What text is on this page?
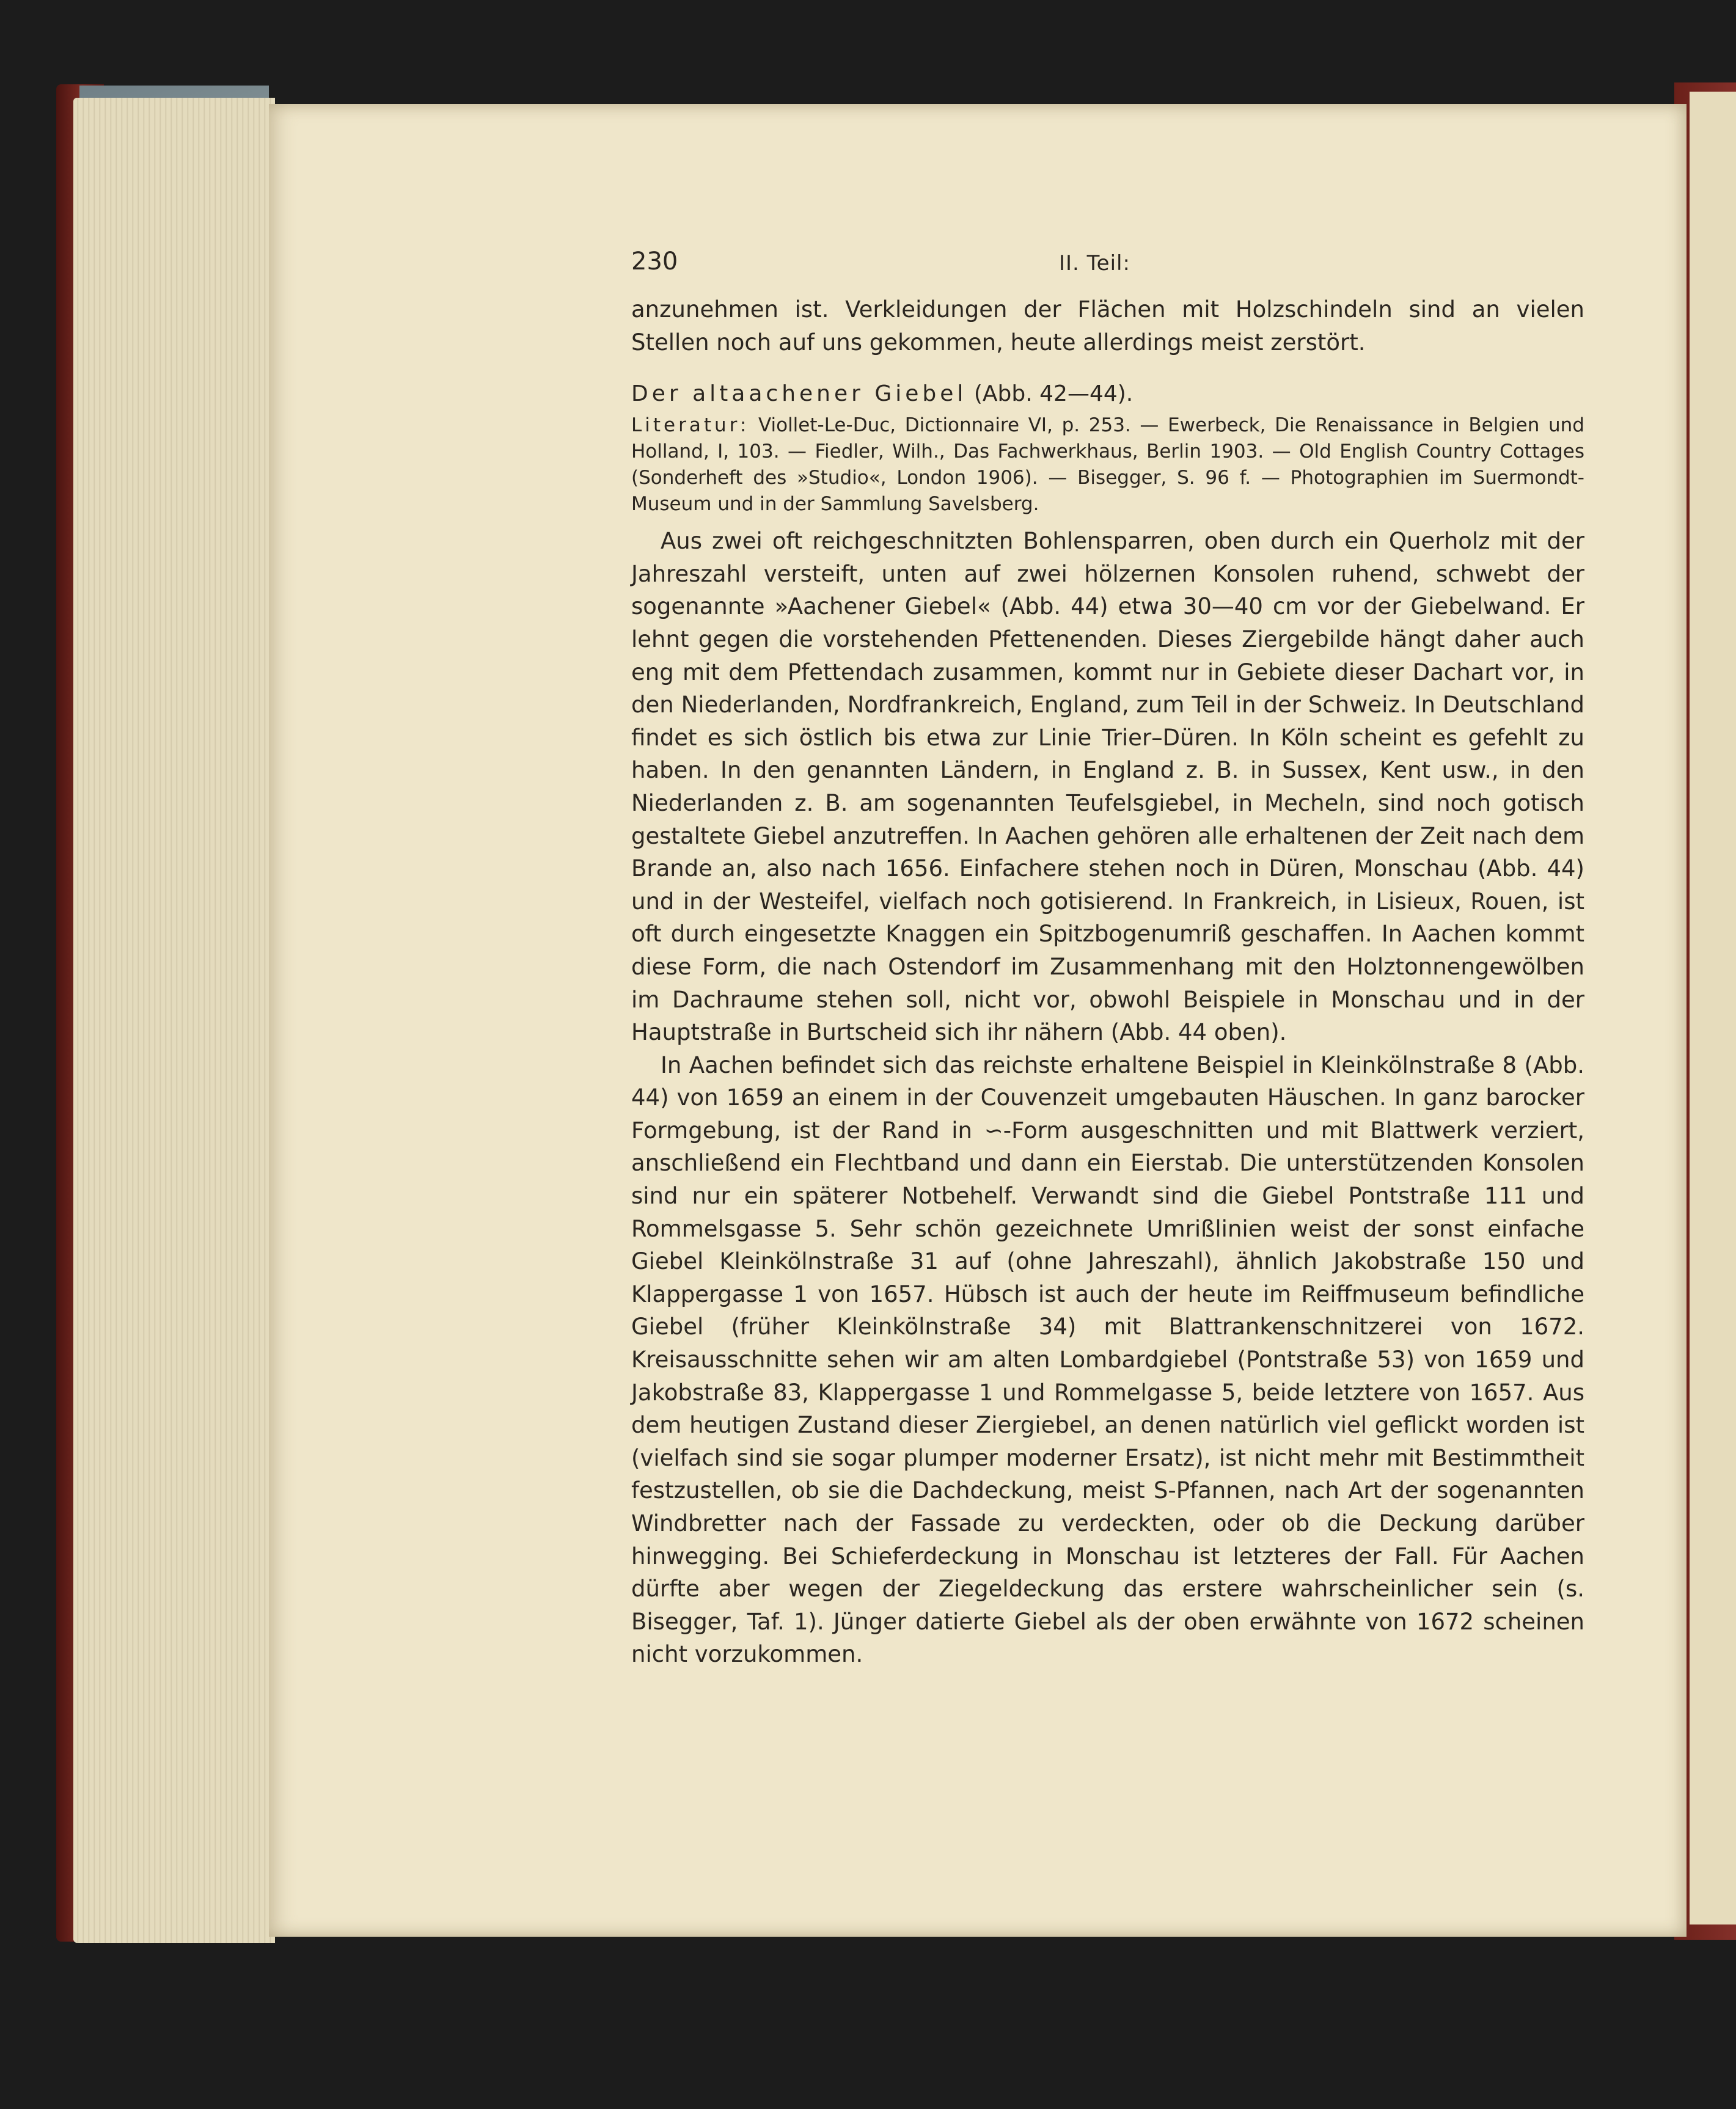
230	II. Teil:

anzunehmen ist. Verkleidungen der Flächen mit Holzschindeln sind an vielen Stellen noch auf uns gekommen, heute allerdings meist zerstört.

Der altaachener Giebel (Abb. 42—44).

Literatur: Viollet-Le-Duc, Dictionnaire VI, p. 253. — Ewerbeck, Die Renaissance in Belgien und Holland, I, 103. — Fiedler, Wilh., Das Fachwerkhaus, Berlin 1903. — Old English Country Cottages (Sonderheft des »Studio«, London 1906). — Bisegger, S. 96 f. — Photographien im Suermondt-Museum und in der Sammlung Savelsberg.

Aus zwei oft reichgeschnitzten Bohlensparren, oben durch ein Querholz mit der Jahreszahl versteift, unten auf zwei hölzernen Konsolen ruhend, schwebt der sogenannte »Aachener Giebel« (Abb. 44) etwa 30—40 cm vor der Giebelwand. Er lehnt gegen die vorstehenden Pfettenenden. Dieses Ziergebilde hängt daher auch eng mit dem Pfettendach zusammen, kommt nur in Gebiete dieser Dachart vor, in den Niederlanden, Nordfrankreich, England, zum Teil in der Schweiz. In Deutschland findet es sich östlich bis etwa zur Linie Trier–Düren. In Köln scheint es gefehlt zu haben. In den genannten Ländern, in England z. B. in Sussex, Kent usw., in den Niederlanden z. B. am sogenannten Teufelsgiebel, in Mecheln, sind noch gotisch gestaltete Giebel anzutreffen. In Aachen gehören alle erhaltenen der Zeit nach dem Brande an, also nach 1656. Einfachere stehen noch in Düren, Monschau (Abb. 44) und in der Westeifel, vielfach noch gotisierend. In Frankreich, in Lisieux, Rouen, ist oft durch eingesetzte Knaggen ein Spitzbogenumriß geschaffen. In Aachen kommt diese Form, die nach Ostendorf im Zusammenhang mit den Holztonnengewölben im Dachraume stehen soll, nicht vor, obwohl Beispiele in Monschau und in der Hauptstraße in Burtscheid sich ihr nähern (Abb. 44 oben).

In Aachen befindet sich das reichste erhaltene Beispiel in Kleinkölnstraße 8 (Abb. 44) von 1659 an einem in der Couvenzeit umgebauten Häuschen. In ganz barocker Formgebung, ist der Rand in ∽-Form ausgeschnitten und mit Blattwerk verziert, anschließend ein Flechtband und dann ein Eierstab. Die unterstützenden Konsolen sind nur ein späterer Notbehelf. Verwandt sind die Giebel Pontstraße 111 und Rommelsgasse 5. Sehr schön gezeichnete Umrißlinien weist der sonst einfache Giebel Kleinkölnstraße 31 auf (ohne Jahreszahl), ähnlich Jakobstraße 150 und Klappergasse 1 von 1657. Hübsch ist auch der heute im Reiffmuseum befindliche Giebel (früher Kleinkölnstraße 34) mit Blattrankenschnitzerei von 1672. Kreisausschnitte sehen wir am alten Lombardgiebel (Pontstraße 53) von 1659 und Jakobstraße 83, Klappergasse 1 und Rommelgasse 5, beide letztere von 1657. Aus dem heutigen Zustand dieser Ziergiebel, an denen natürlich viel geflickt worden ist (vielfach sind sie sogar plumper moderner Ersatz), ist nicht mehr mit Bestimmtheit festzustellen, ob sie die Dachdeckung, meist S-Pfannen, nach Art der sogenannten Windbretter nach der Fassade zu verdeckten, oder ob die Deckung darüber hinwegging. Bei Schieferdeckung in Monschau ist letzteres der Fall. Für Aachen dürfte aber wegen der Ziegeldeckung das erstere wahrscheinlicher sein (s. Bisegger, Taf. 1). Jünger datierte Giebel als der oben erwähnte von 1672 scheinen nicht vorzukommen.
